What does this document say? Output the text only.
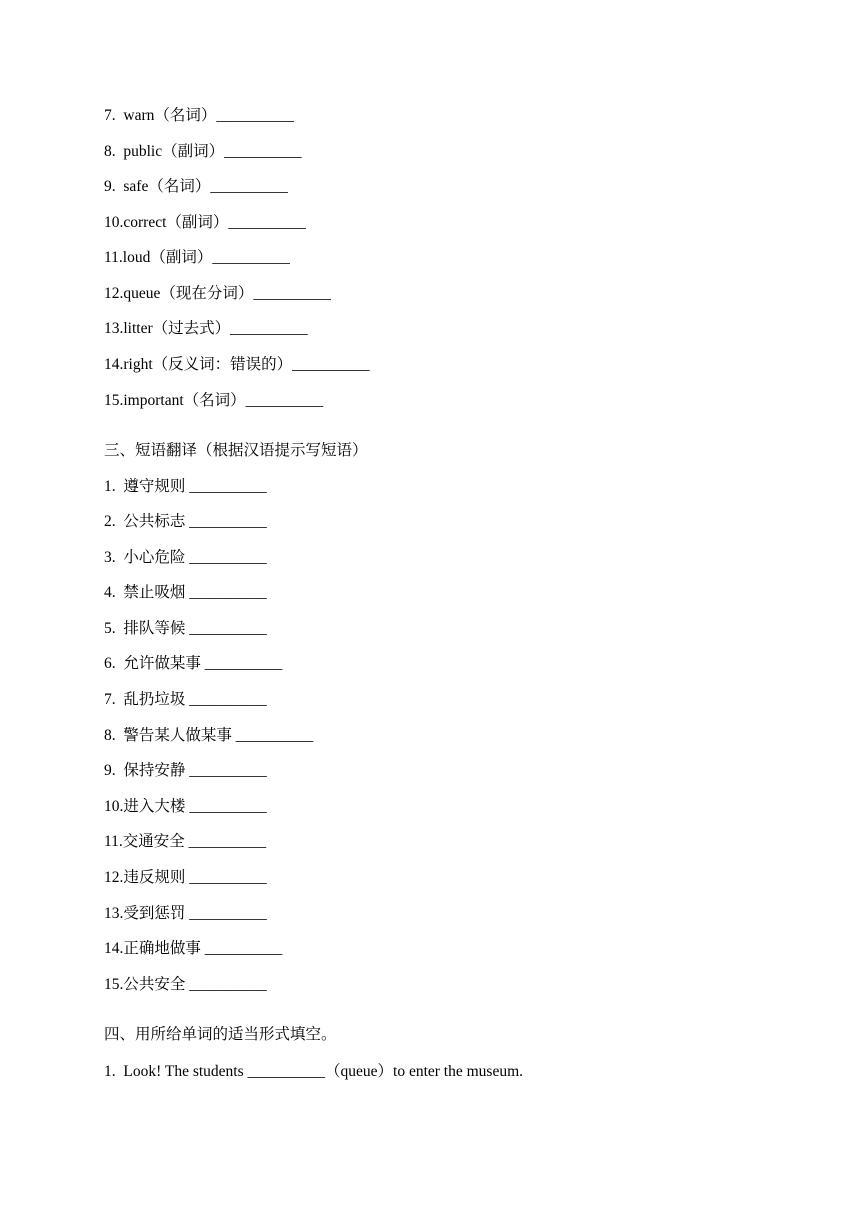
7.  warn（名词）__________

8.  public（副词）__________

9.  safe（名词）__________

10.correct（副词）__________

11.loud（副词）__________

12.queue（现在分词）__________

13.litter（过去式）__________

14.right（反义词：错误的）__________

15.important（名词）__________

三、短语翻译（根据汉语提示写短语）

1.  遵守规则 __________

2.  公共标志 __________

3.  小心危险 __________

4.  禁止吸烟 __________

5.  排队等候 __________

6.  允许做某事 __________

7.  乱扔垃圾 __________

8.  警告某人做某事 __________

9.  保持安静 __________

10.进入大楼 __________

11.交通安全 __________

12.违反规则 __________

13.受到惩罚 __________

14.正确地做事 __________

15.公共安全 __________

四、用所给单词的适当形式填空。

1.  Look! The students __________（queue）to enter the museum.
